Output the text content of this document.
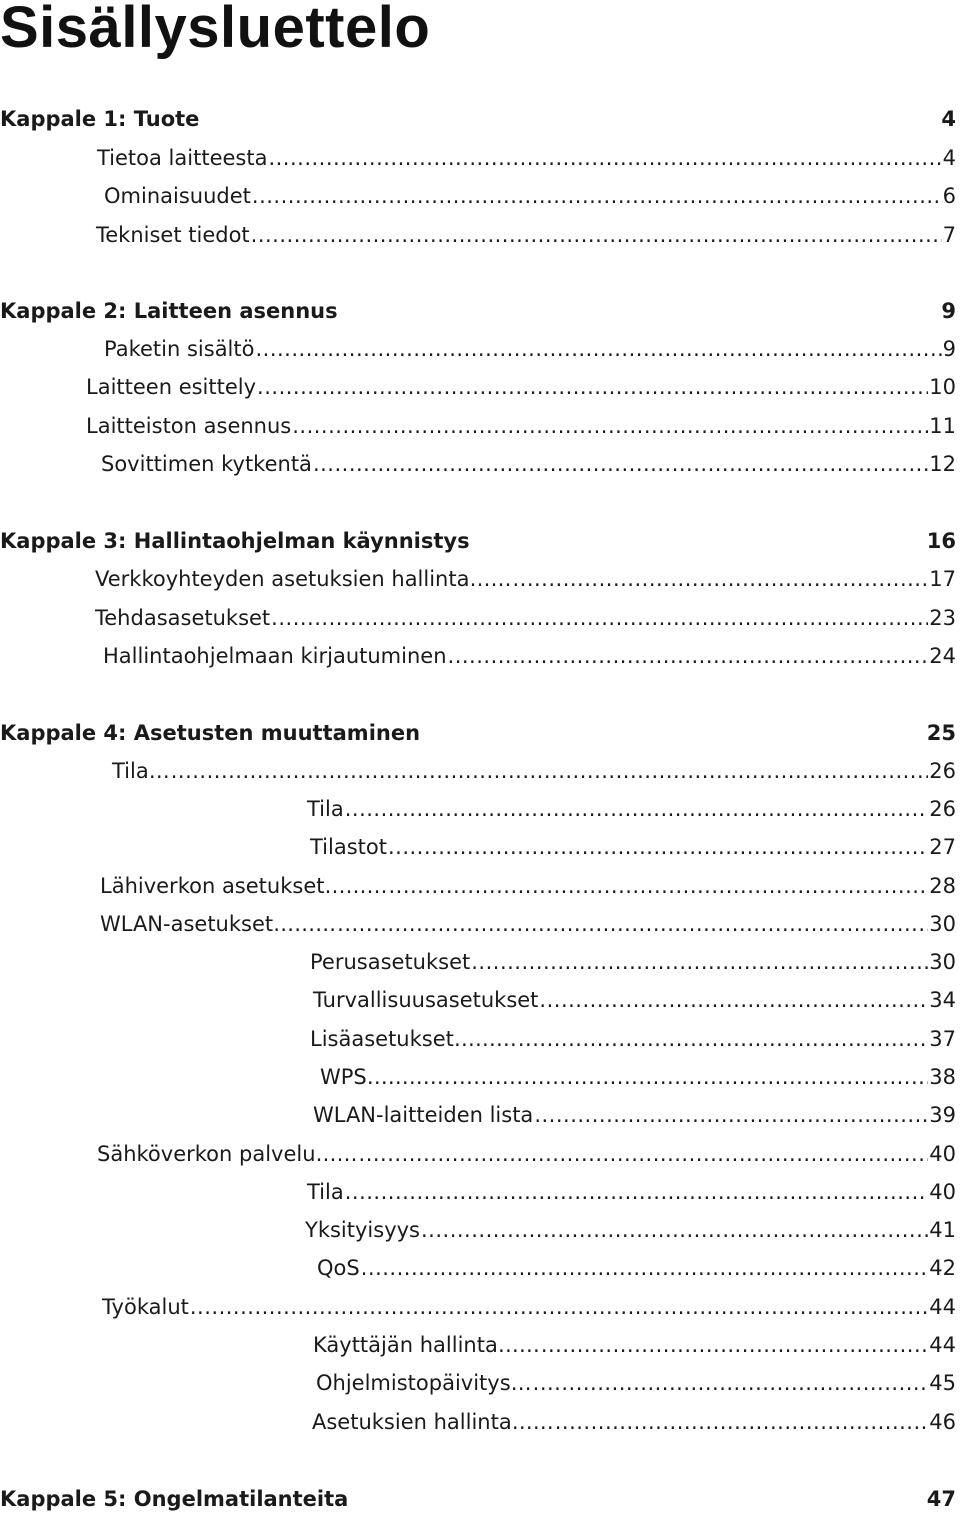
Sisällysluettelo
Kappale 1: Tuote	4
Tietoa laitteesta .....	4
Ominaisuudet .....	6
Tekniset tiedot .....	7
Kappale 2: Laitteen asennus	9
Paketin sisältö .....	9
Laitteen esittely .....	10
Laitteiston asennus .....	11
Sovittimen kytkentä .....	12
Kappale 3: Hallintaohjelman käynnistys	16
Verkkoyhteyden asetuksien hallinta…… .....	17
Tehdasasetukset .....	23
Hallintaohjelmaan kirjautuminen .....	24
Kappale 4: Asetusten muuttaminen	25
Tila… .....	26
Tila .....	26
Tilastot .....	27
Lähiverkon asetukset……… .....	28
WLAN-asetukset……… .....	30
Perusasetukset .....	30
Turvallisuusasetukset .....	34
Lisäasetukset……… .....	37
WPS………… .....	38
WLAN-laitteiden lista .....	39
Sähköverkon palvelu…… .....	40
Tila .....	40
Yksityisyys .....	41
QoS .....	42
Työkalut .....	44
Käyttäjän hallinta…… .....	44
Ohjelmistopäivitys… .....	45
Asetuksien hallinta…… .....	46
Kappale 5: Ongelmatilanteita	47
